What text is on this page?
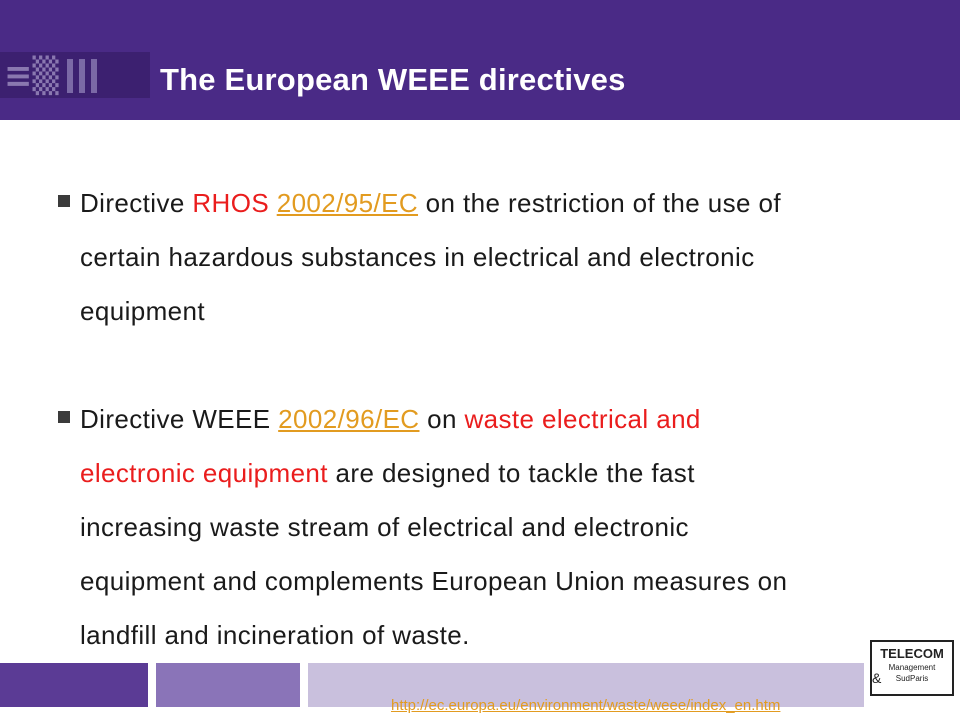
≡▒	The European WEEE directives

Directive RHOS 2002/95/EC on the restriction of the use of
certain hazardous substances in electrical and electronic
equipment

Directive WEEE 2002/96/EC on waste electrical and
electronic equipment are designed to tackle the fast
increasing waste stream of electrical and electronic
equipment and complements European Union measures on
landfill and incineration of waste.

TELECOM
Management
SudParis
&
http://ec.europa.eu/environment/waste/weee/index_en.htm
